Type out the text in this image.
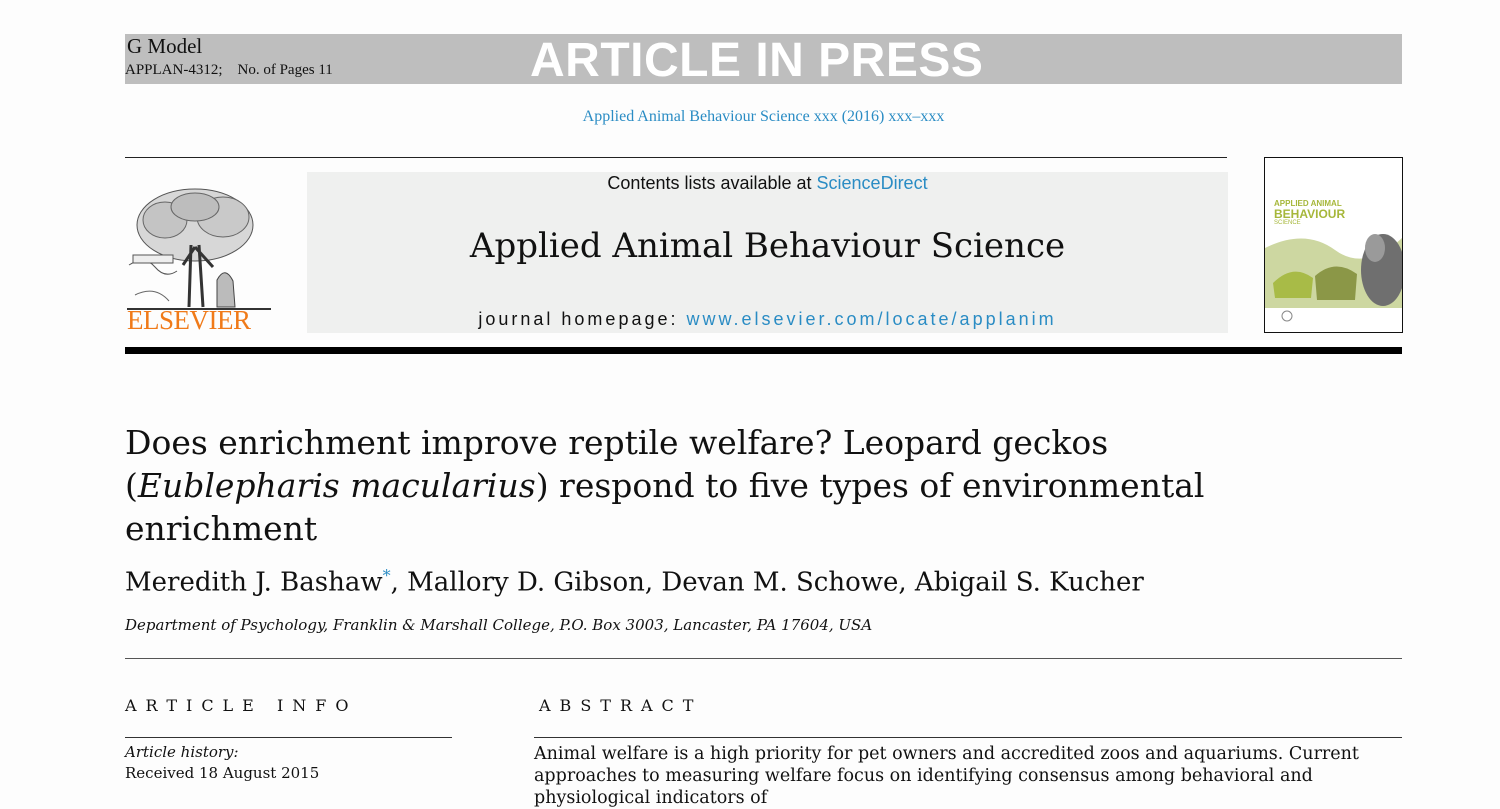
G Model
APPLAN-4312;    No. of Pages 11	ARTICLE IN PRESS
Applied Animal Behaviour Science xxx (2016) xxx–xxx
ELSEVIER
Contents lists available at ScienceDirect
Applied Animal Behaviour Science
journal homepage: www.elsevier.com/locate/applanim
APPLIED ANIMAL
BEHAVIOUR
SCIENCE
Does enrichment improve reptile welfare? Leopard geckos (Eublepharis macularius) respond to five types of environmental enrichment
Meredith J. Bashaw*, Mallory D. Gibson, Devan M. Schowe, Abigail S. Kucher
Department of Psychology, Franklin & Marshall College, P.O. Box 3003, Lancaster, PA 17604, USA
ARTICLE INFO	ABSTRACT
Article history:
Received 18 August 2015
Animal welfare is a high priority for pet owners and accredited zoos and aquariums. Current approaches to measuring welfare focus on identifying consensus among behavioral and physiological indicators of
